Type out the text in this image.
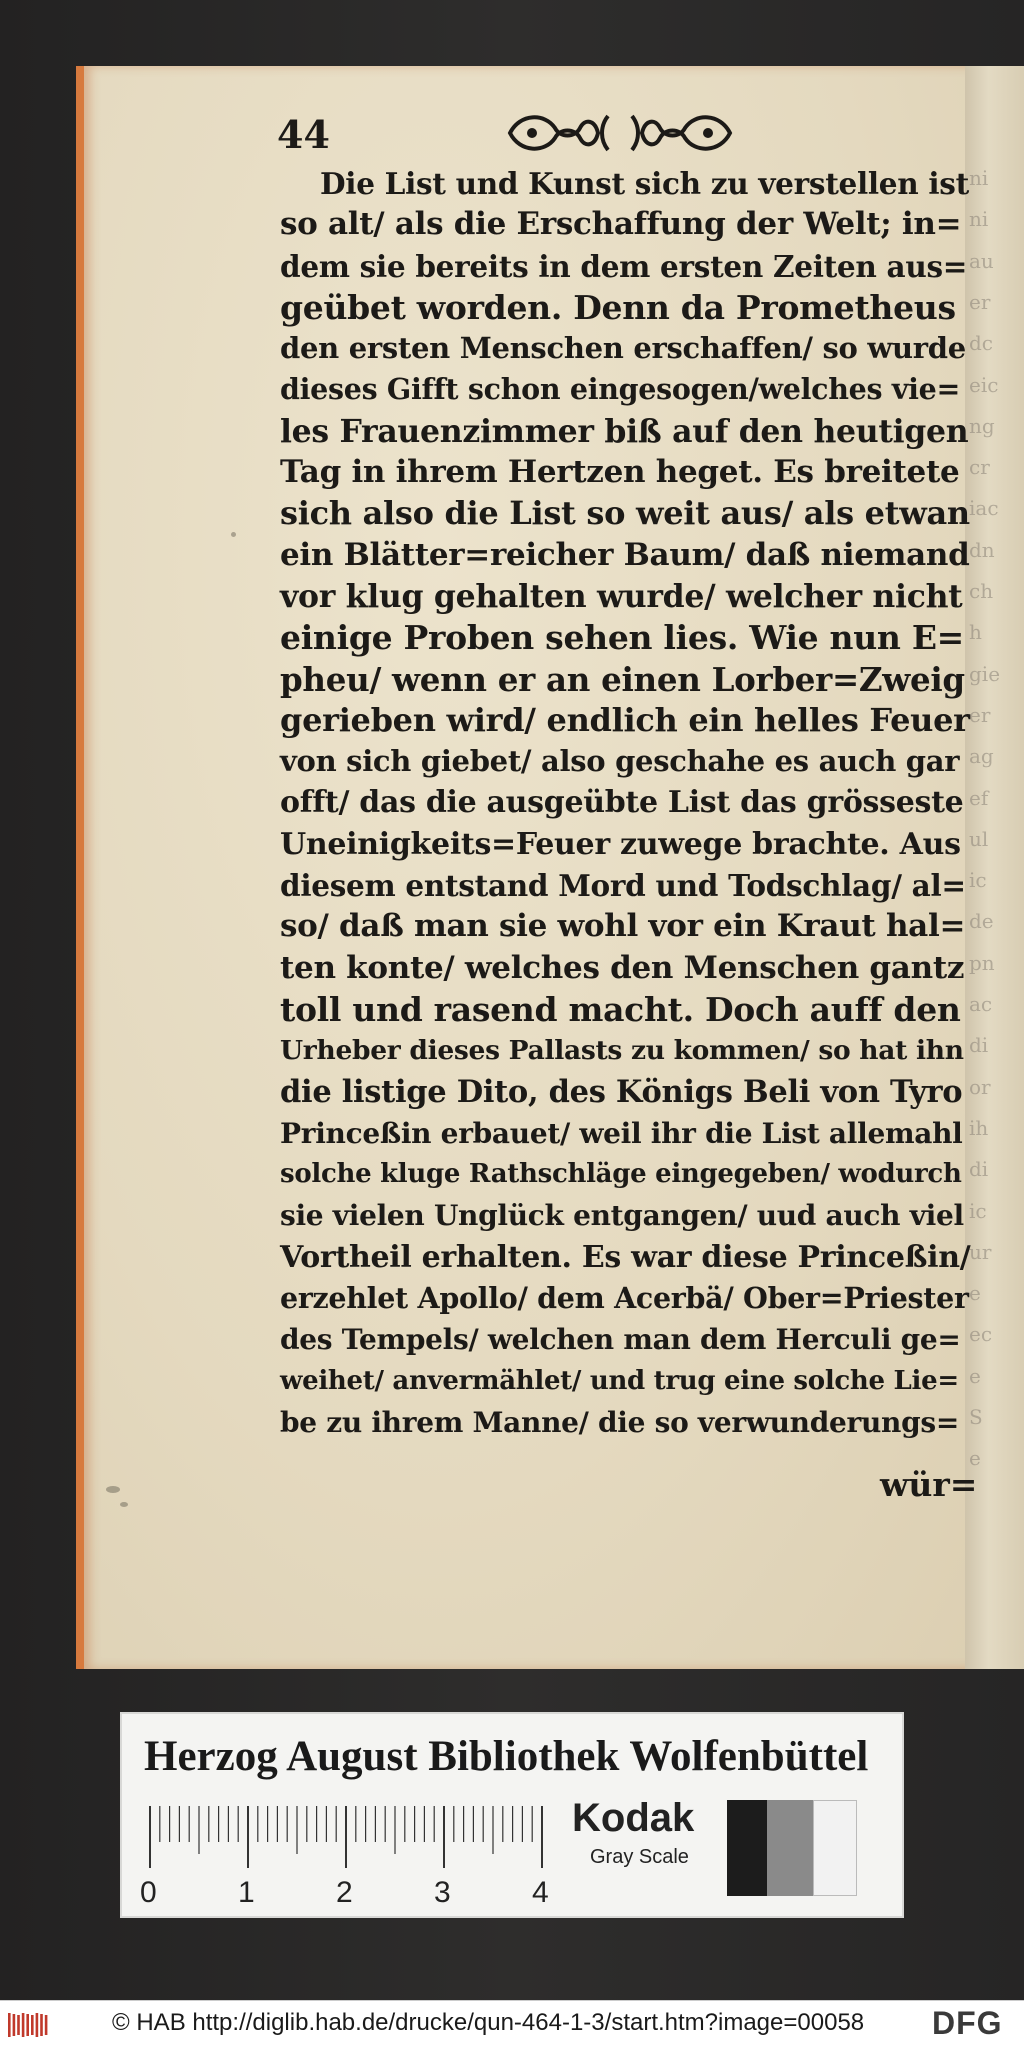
ni
ni
au
er
dc
eic
ng
cr
iac
dn
ch
h
gie
er
ag
ef
ul
ic
de
pn
ac
di
or
ih
di
ic
ur
e
ec
e
S
e
44
Die List und Kunst sich zu verstellen ist
so alt/ als die Erschaffung der Welt; in=
dem sie bereits in dem ersten Zeiten aus=
geübet worden. Denn da Prometheus
den ersten Menschen erschaffen/ so wurde
dieses Gifft schon eingesogen/welches vie=
les Frauenzimmer biß auf den heutigen
Tag in ihrem Hertzen heget. Es breitete
sich also die List so weit aus/ als etwan
ein Blätter=reicher Baum/ daß niemand
vor klug gehalten wurde/ welcher nicht
einige Proben sehen lies. Wie nun E=
pheu/ wenn er an einen Lorber=Zweig
gerieben wird/ endlich ein helles Feuer
von sich giebet/ also geschahe es auch gar
offt/ das die ausgeübte List das grösseste
Uneinigkeits=Feuer zuwege brachte. Aus
diesem entstand Mord und Todschlag/ al=
so/ daß man sie wohl vor ein Kraut hal=
ten konte/ welches den Menschen gantz
toll und rasend macht. Doch auff den
Urheber dieses Pallasts zu kommen/ so hat ihn
die listige Dito, des Königs Beli von Tyro
Princeßin erbauet/ weil ihr die List allemahl
solche kluge Rathschläge eingegeben/ wodurch
sie vielen Unglück entgangen/ uud auch viel
Vortheil erhalten. Es war diese Princeßin/
erzehlet Apollo/ dem Acerbä/ Ober=Priester
des Tempels/ welchen man dem Herculi ge=
weihet/ anvermählet/ und trug eine solche Lie=
be zu ihrem Manne/ die so verwunderungs=
wür=
Herzog August Bibliothek Wolfenbüttel
0	1	2	3	4
Kodak
Gray Scale
© HAB http://diglib.hab.de/drucke/qun-464-1-3/start.htm?image=00058 DFG
